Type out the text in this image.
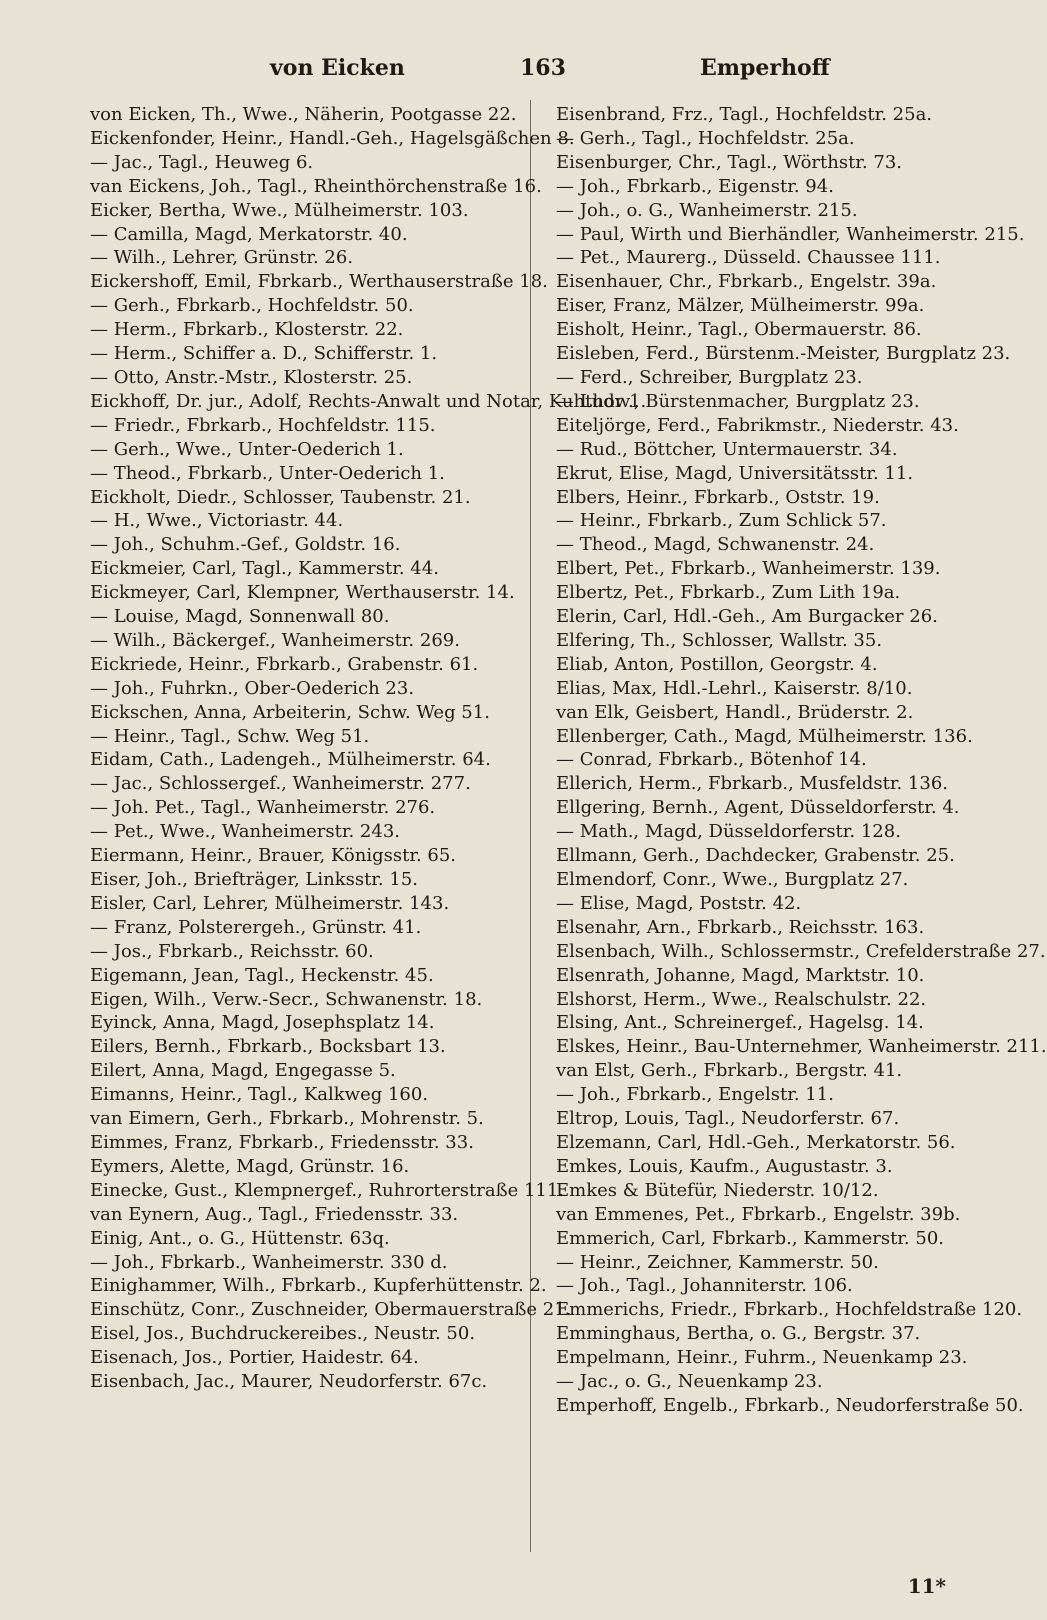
von Eicken	163	Emperhoff
von Eicken, Th., Wwe., Näherin, Pootgasse 22.
Eickenfonder, Heinr., Handl.-Geh., Hagelsgäßchen 8.
— Jac., Tagl., Heuweg 6.
van Eickens, Joh., Tagl., Rheinthörchenstraße 16.
Eicker, Bertha, Wwe., Mülheimerstr. 103.
— Camilla, Magd, Merkatorstr. 40.
— Wilh., Lehrer, Grünstr. 26.
Eickershoff, Emil, Fbrkarb., Werthauserstraße 18.
— Gerh., Fbrkarb., Hochfeldstr. 50.
— Herm., Fbrkarb., Klosterstr. 22.
— Herm., Schiffer a. D., Schifferstr. 1.
— Otto, Anstr.-Mstr., Klosterstr. 25.
Eickhoff, Dr. jur., Adolf, Rechts-Anwalt und Notar, Kuhthor 1.
— Friedr., Fbrkarb., Hochfeldstr. 115.
— Gerh., Wwe., Unter-Oederich 1.
— Theod., Fbrkarb., Unter-Oederich 1.
Eickholt, Diedr., Schlosser, Taubenstr. 21.
— H., Wwe., Victoriastr. 44.
— Joh., Schuhm.-Gef., Goldstr. 16.
Eickmeier, Carl, Tagl., Kammerstr. 44.
Eickmeyer, Carl, Klempner, Werthauserstr. 14.
— Louise, Magd, Sonnenwall 80.
— Wilh., Bäckergef., Wanheimerstr. 269.
Eickriede, Heinr., Fbrkarb., Grabenstr. 61.
— Joh., Fuhrkn., Ober-Oederich 23.
Eickschen, Anna, Arbeiterin, Schw. Weg 51.
— Heinr., Tagl., Schw. Weg 51.
Eidam, Cath., Ladengeh., Mülheimerstr. 64.
— Jac., Schlossergef., Wanheimerstr. 277.
— Joh. Pet., Tagl., Wanheimerstr. 276.
— Pet., Wwe., Wanheimerstr. 243.
Eiermann, Heinr., Brauer, Königsstr. 65.
Eiser, Joh., Briefträger, Linksstr. 15.
Eisler, Carl, Lehrer, Mülheimerstr. 143.
— Franz, Polsterergeh., Grünstr. 41.
— Jos., Fbrkarb., Reichsstr. 60.
Eigemann, Jean, Tagl., Heckenstr. 45.
Eigen, Wilh., Verw.-Secr., Schwanenstr. 18.
Eyinck, Anna, Magd, Josephsplatz 14.
Eilers, Bernh., Fbrkarb., Bocksbart 13.
Eilert, Anna, Magd, Engegasse 5.
Eimanns, Heinr., Tagl., Kalkweg 160.
van Eimern, Gerh., Fbrkarb., Mohrenstr. 5.
Eimmes, Franz, Fbrkarb., Friedensstr. 33.
Eymers, Alette, Magd, Grünstr. 16.
Einecke, Gust., Klempnergef., Ruhrorterstraße 111.
van Eynern, Aug., Tagl., Friedensstr. 33.
Einig, Ant., o. G., Hüttenstr. 63q.
— Joh., Fbrkarb., Wanheimerstr. 330 d.
Einighammer, Wilh., Fbrkarb., Kupferhüttenstr. 2.
Einschütz, Conr., Zuschneider, Obermauerstraße 21.
Eisel, Jos., Buchdruckereibes., Neustr. 50.
Eisenach, Jos., Portier, Haidestr. 64.
Eisenbach, Jac., Maurer, Neudorferstr. 67c.
Eisenbrand, Frz., Tagl., Hochfeldstr. 25a.
— Gerh., Tagl., Hochfeldstr. 25a.
Eisenburger, Chr., Tagl., Wörthstr. 73.
— Joh., Fbrkarb., Eigenstr. 94.
— Joh., o. G., Wanheimerstr. 215.
— Paul, Wirth und Bierhändler, Wanheimerstr. 215.
— Pet., Maurerg., Düsseld. Chaussee 111.
Eisenhauer, Chr., Fbrkarb., Engelstr. 39a.
Eiser, Franz, Mälzer, Mülheimerstr. 99a.
Eisholt, Heinr., Tagl., Obermauerstr. 86.
Eisleben, Ferd., Bürstenm.-Meister, Burgplatz 23.
— Ferd., Schreiber, Burgplatz 23.
— Ludw., Bürstenmacher, Burgplatz 23.
Eiteljörge, Ferd., Fabrikmstr., Niederstr. 43.
— Rud., Böttcher, Untermauerstr. 34.
Ekrut, Elise, Magd, Universitätsstr. 11.
Elbers, Heinr., Fbrkarb., Oststr. 19.
— Heinr., Fbrkarb., Zum Schlick 57.
— Theod., Magd, Schwanenstr. 24.
Elbert, Pet., Fbrkarb., Wanheimerstr. 139.
Elbertz, Pet., Fbrkarb., Zum Lith 19a.
Elerin, Carl, Hdl.-Geh., Am Burgacker 26.
Elfering, Th., Schlosser, Wallstr. 35.
Eliab, Anton, Postillon, Georgstr. 4.
Elias, Max, Hdl.-Lehrl., Kaiserstr. 8/10.
van Elk, Geisbert, Handl., Brüderstr. 2.
Ellenberger, Cath., Magd, Mülheimerstr. 136.
— Conrad, Fbrkarb., Bötenhof 14.
Ellerich, Herm., Fbrkarb., Musfeldstr. 136.
Ellgering, Bernh., Agent, Düsseldorferstr. 4.
— Math., Magd, Düsseldorferstr. 128.
Ellmann, Gerh., Dachdecker, Grabenstr. 25.
Elmendorf, Conr., Wwe., Burgplatz 27.
— Elise, Magd, Poststr. 42.
Elsenahr, Arn., Fbrkarb., Reichsstr. 163.
Elsenbach, Wilh., Schlossermstr., Crefelderstraße 27.
Elsenrath, Johanne, Magd, Marktstr. 10.
Elshorst, Herm., Wwe., Realschulstr. 22.
Elsing, Ant., Schreinergef., Hagelsg. 14.
Elskes, Heinr., Bau-Unternehmer, Wanheimerstr. 211.
van Elst, Gerh., Fbrkarb., Bergstr. 41.
— Joh., Fbrkarb., Engelstr. 11.
Eltrop, Louis, Tagl., Neudorferstr. 67.
Elzemann, Carl, Hdl.-Geh., Merkatorstr. 56.
Emkes, Louis, Kaufm., Augustastr. 3.
Emkes & Bütefür, Niederstr. 10/12.
van Emmenes, Pet., Fbrkarb., Engelstr. 39b.
Emmerich, Carl, Fbrkarb., Kammerstr. 50.
— Heinr., Zeichner, Kammerstr. 50.
— Joh., Tagl., Johanniterstr. 106.
Emmerichs, Friedr., Fbrkarb., Hochfeldstraße 120.
Emminghaus, Bertha, o. G., Bergstr. 37.
Empelmann, Heinr., Fuhrm., Neuenkamp 23.
— Jac., o. G., Neuenkamp 23.
Emperhoff, Engelb., Fbrkarb., Neudorferstraße 50.
11*
